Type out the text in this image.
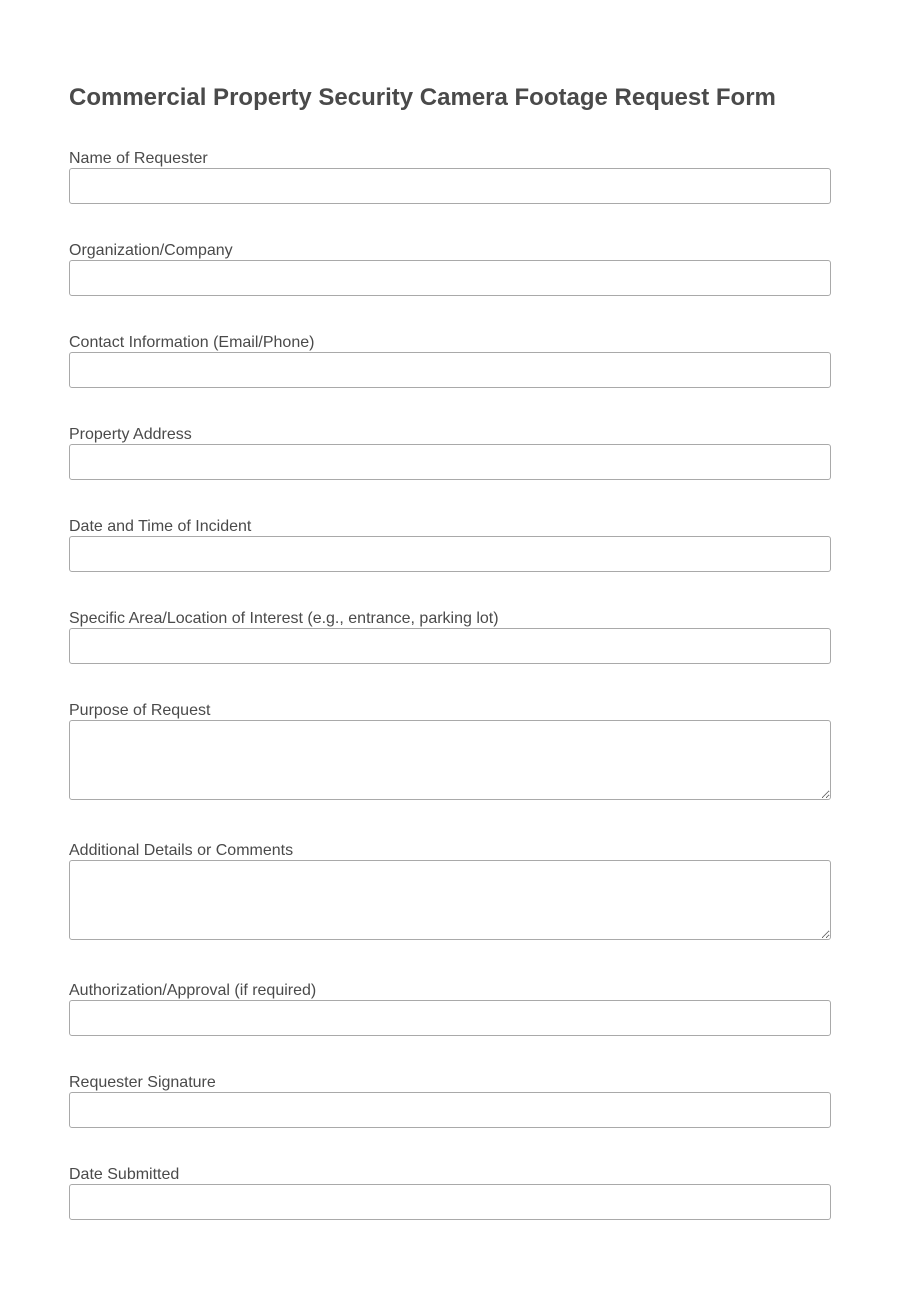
Commercial Property Security Camera Footage Request Form
Name of Requester
Organization/Company
Contact Information (Email/Phone)
Property Address
Date and Time of Incident
Specific Area/Location of Interest (e.g., entrance, parking lot)
Purpose of Request
Additional Details or Comments
Authorization/Approval (if required)
Requester Signature
Date Submitted
